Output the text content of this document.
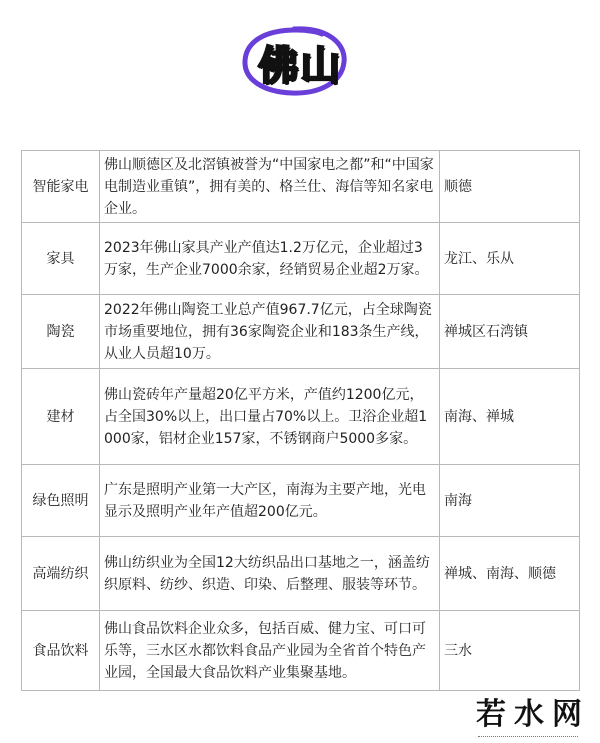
佛山
智能家电	佛山顺德区及北滘镇被誉为“中国家电之都”和“中国家电制造业重镇”，拥有美的、格兰仕、海信等知名家电企业。	顺德
家具	2023年佛山家具产业产值达1.2万亿元，企业超过3万家，生产企业7000余家，经销贸易企业超2万家。	龙江、乐从
陶瓷	2022年佛山陶瓷工业总产值967.7亿元，占全球陶瓷市场重要地位，拥有36家陶瓷企业和183条生产线，从业人员超10万。	禅城区石湾镇
建材	佛山瓷砖年产量超20亿平方米，产值约1200亿元，占全国30%以上，出口量占70%以上。卫浴企业超1000家，铝材企业157家，不锈钢商户5000多家。	南海、禅城
绿色照明	广东是照明产业第一大产区，南海为主要产地，光电显示及照明产业年产值超200亿元。	南海
高端纺织	佛山纺织业为全国12大纺织品出口基地之一，涵盖纺织原料、纺纱、织造、印染、后整理、服装等环节。	禅城、南海、顺德
食品饮料	佛山食品饮料企业众多，包括百威、健力宝、可口可乐等，三水区水都饮料食品产业园为全省首个特色产业园，全国最大食品饮料产业集聚基地。	三水
若水网
